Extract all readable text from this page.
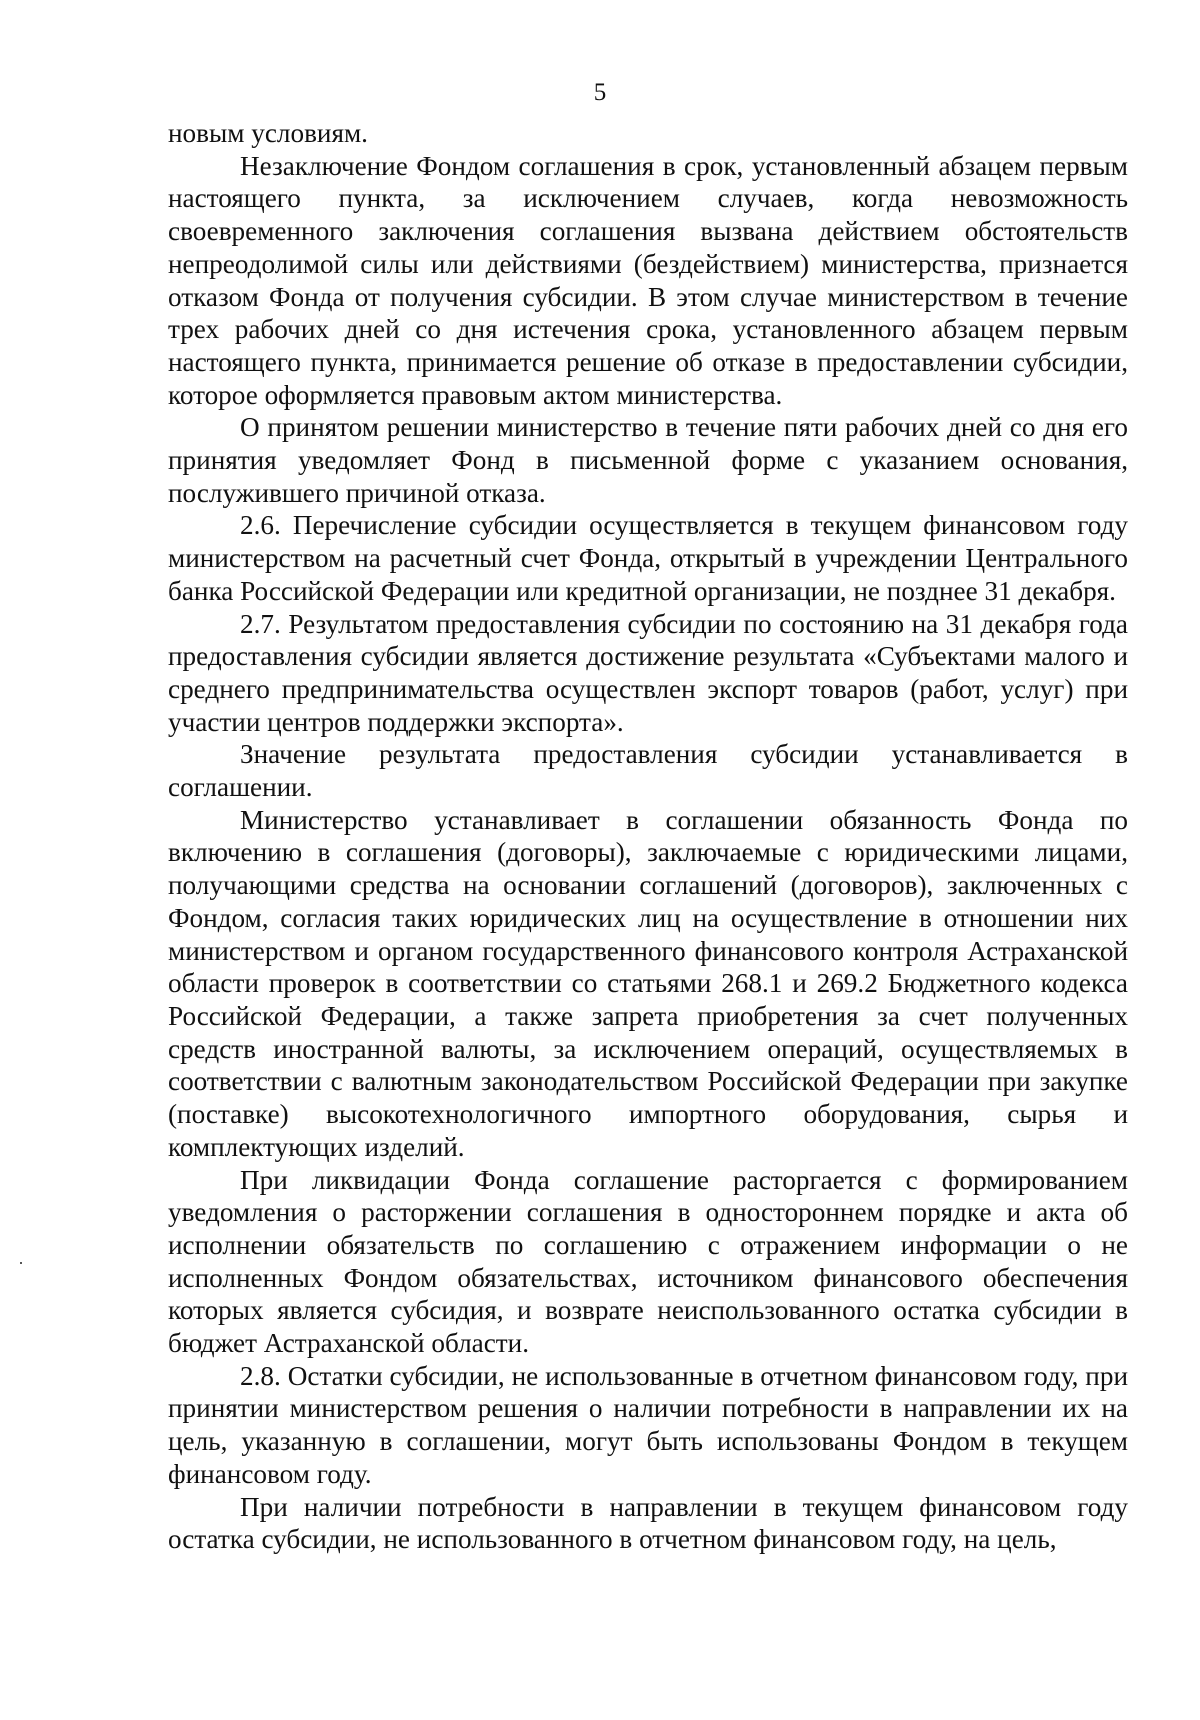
5

новым условиям.

Незаключение Фондом соглашения в срок, установленный абзацем первым настоящего пункта, за исключением случаев, когда невозможность своевременного заключения соглашения вызвана действием обстоятельств непреодолимой силы или действиями (бездействием) министерства, признается отказом Фонда от получения субсидии. В этом случае министерством в течение трех рабочих дней со дня истечения срока, установленного абзацем первым настоящего пункта, принимается решение об отказе в предоставлении субсидии, которое оформляется правовым актом министерства.

О принятом решении министерство в течение пяти рабочих дней со дня его принятия уведомляет Фонд в письменной форме с указанием основания, послужившего причиной отказа.

2.6. Перечисление субсидии осуществляется в текущем финансовом году министерством на расчетный счет Фонда, открытый в учреждении Центрального банка Российской Федерации или кредитной организации, не позднее 31 декабря.

2.7. Результатом предоставления субсидии по состоянию на 31 декабря года предоставления субсидии является достижение результата «Субъектами малого и среднего предпринимательства осуществлен экспорт товаров (работ, услуг) при участии центров поддержки экспорта».

Значение результата предоставления субсидии устанавливается в соглашении.

Министерство устанавливает в соглашении обязанность Фонда по включению в соглашения (договоры), заключаемые с юридическими лицами, получающими средства на основании соглашений (договоров), заключенных с Фондом, согласия таких юридических лиц на осуществление в отношении них министерством и органом государственного финансового контроля Астраханской области проверок в соответствии со статьями 268.1 и 269.2 Бюджетного кодекса Российской Федерации, а также запрета приобретения за счет полученных средств иностранной валюты, за исключением операций, осуществляемых в соответствии с валютным законодательством Российской Федерации при закупке (поставке) высокотехнологичного импортного оборудования, сырья и комплектующих изделий.

При ликвидации Фонда соглашение расторгается с формированием уведомления о расторжении соглашения в одностороннем порядке и акта об исполнении обязательств по соглашению с отражением информации о не исполненных Фондом обязательствах, источником финансового обеспечения которых является субсидия, и возврате неиспользованного остатка субсидии в бюджет Астраханской области.

2.8. Остатки субсидии, не использованные в отчетном финансовом году, при принятии министерством решения о наличии потребности в направлении их на цель, указанную в соглашении, могут быть использованы Фондом в текущем финансовом году.

При наличии потребности в направлении в текущем финансовом году остатка субсидии, не использованного в отчетном финансовом году, на цель,
